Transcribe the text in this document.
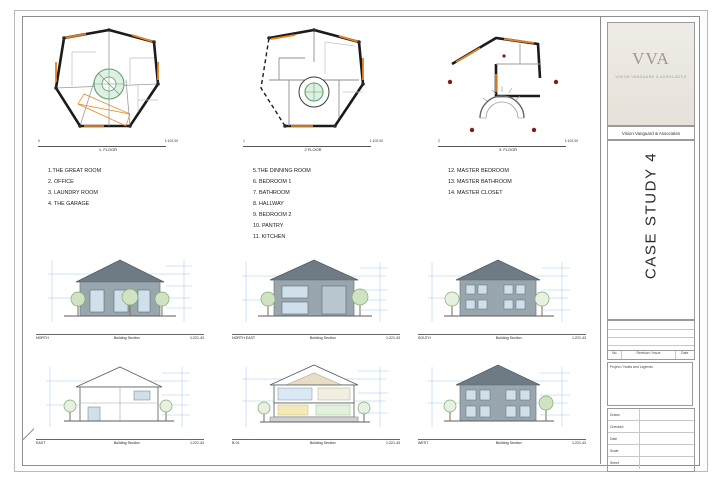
0
1. FLOOR
1:102.00	1
2 FLOOR
1:102.00	2
3. FLOOR
1:102.00
1.THE GREAT ROOM
2. OFFICE
3. LAUNDRY ROOM
4. THE GARAGE
5.THE DINNING ROOM
6. BEDROOM 1
7. BATHROOM
8. HALLWAY
9. BEDROOM 2
10. PANTRY
11. KITCHEN
12. MASTER BEDROOM
13. MASTER BATHROOM
14. MASTER CLOSET
NORTH	Building Section	1:221.43	NORTH EAST	Building Section	1:221.43	SOUTH	Building Section	1:221.43
EAST	Building Section	1:221.43	B-01	Building Section	1:221.43	WEST	Building Section	1:221.43
VVA
VISION VANGUARD & ASSOCIATES
Vision Vanguard & Associates
CASE STUDY 4
No.	Revision / Issue	Date
Project / Notes and Legends
Drawn
Checked
Date
Scale
Sheet
